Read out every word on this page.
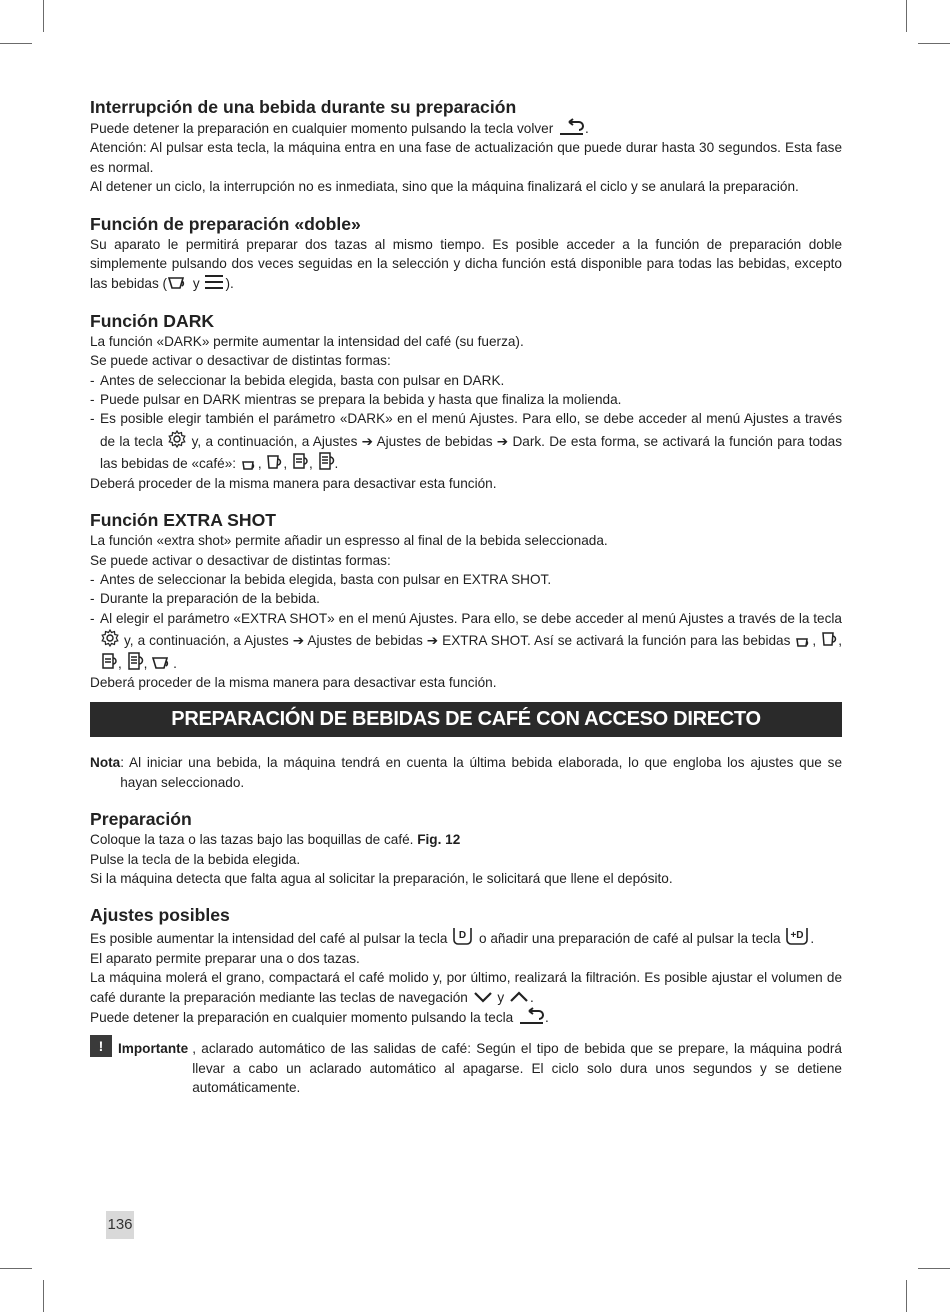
Interrupción de una bebida durante su preparación

Puede detener la preparación en cualquier momento pulsando la tecla volver
.

Atención: Al pulsar esta tecla, la máquina entra en una fase de actualización que puede durar hasta 30 segundos. Esta fase es normal.

Al detener un ciclo, la interrupción no es inmediata, sino que la máquina finalizará el ciclo y se anulará la preparación.

Función de preparación «doble»

Su aparato le permitirá preparar dos tazas al mismo tiempo. Es posible acceder a la función de preparación doble simplemente pulsando dos veces seguidas en la selección y dicha función está disponible para todas las bebidas, excepto las bebidas (
y
).

Función DARK

La función «DARK» permite aumentar la intensidad del café (su fuerza).

Se puede activar o desactivar de distintas formas:

- Antes de seleccionar la bebida elegida, basta con pulsar en DARK.

- Puede pulsar en DARK mientras se prepara la bebida y hasta que finaliza la molienda.

- Es posible elegir también el parámetro «DARK» en el menú Ajustes. Para ello, se debe acceder al menú Ajustes a través de la tecla
y, a continuación, a Ajustes ➔ Ajustes de bebidas ➔ Dark. De esta forma, se activará la función para todas las bebidas de «café»:
,
,
,
.

Deberá proceder de la misma manera para desactivar esta función.

Función EXTRA SHOT

La función «extra shot» permite añadir un espresso al final de la bebida seleccionada.

Se puede activar o desactivar de distintas formas:

- Antes de seleccionar la bebida elegida, basta con pulsar en EXTRA SHOT.

- Durante la preparación de la bebida.

- Al elegir el parámetro «EXTRA SHOT» en el menú Ajustes. Para ello, se debe acceder al menú Ajustes a través de la tecla
y, a continuación, a Ajustes ➔ Ajustes de bebidas ➔ EXTRA SHOT. Así se activará la función para las bebidas
,
,
,
,
.

Deberá proceder de la misma manera para desactivar esta función.

PREPARACIÓN DE BEBIDAS DE CAFÉ CON ACCESO DIRECTO
Nota : Al iniciar una bebida, la máquina tendrá en cuenta la última bebida elaborada, lo que engloba los ajustes que se hayan seleccionado.
Preparación

Coloque la taza o las tazas bajo las boquillas de café. Fig. 12

Pulse la tecla de la bebida elegida.

Si la máquina detecta que falta agua al solicitar la preparación, le solicitará que llene el depósito.

Ajustes posibles

Es posible aumentar la intensidad del café al pulsar la tecla D o añadir una preparación de café al pulsar la tecla +D .

El aparato permite preparar una o dos tazas.

La máquina molerá el grano, compactará el café molido y, por último, realizará la filtración. Es posible ajustar el volumen de café durante la preparación mediante las teclas de navegación
y
.

Puede detener la preparación en cualquier momento pulsando la tecla
.

!	Importante , aclarado automático de las salidas de café: Según el tipo de bebida que se prepare, la máquina podrá llevar a cabo un aclarado automático al apagarse. El ciclo solo dura unos segundos y se detiene automáticamente.
136
